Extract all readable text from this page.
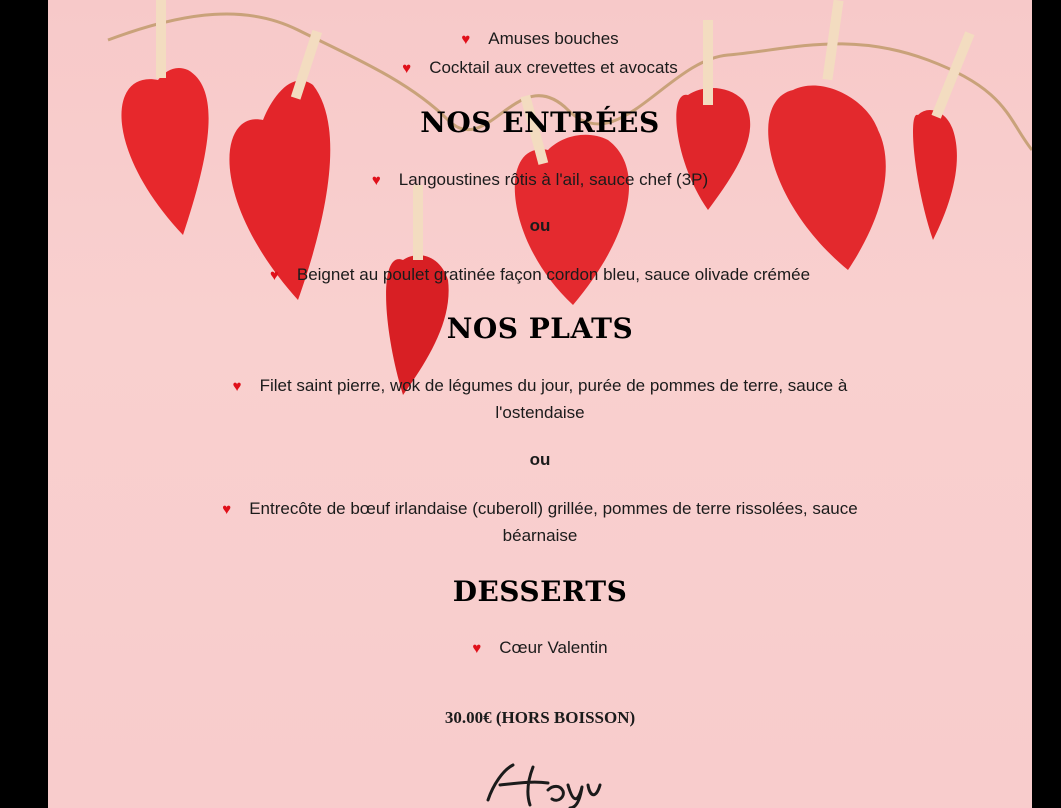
♥ Amuses bouches
♥ Cocktail aux crevettes et avocats
NOS ENTRÉES
♥ Langoustines rôtis à l'ail, sauce chef (3P)
ou
♥ Beignet au poulet gratinée façon cordon bleu, sauce olivade crémée
NOS PLATS
♥ Filet saint pierre, wok de légumes du jour, purée de pommes de terre, sauce à
l'ostendaise
ou
♥ Entrecôte de bœuf irlandaise (cuberoll) grillée, pommes de terre rissolées, sauce
béarnaise
DESSERTS
♥ Cœur Valentin
30.00€ (HORS BOISSON)
